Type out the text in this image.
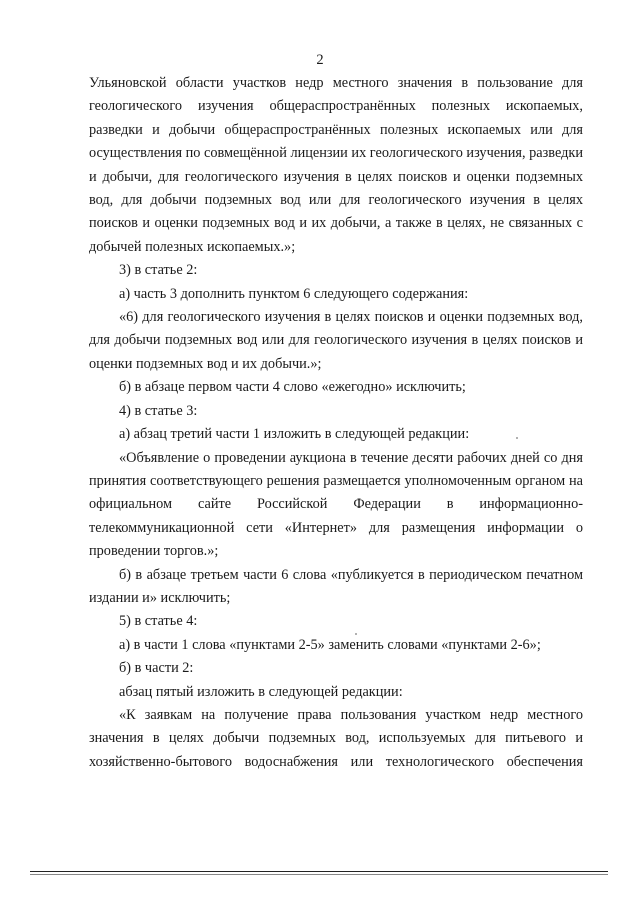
2

Ульяновской области участков недр местного значения в пользование для геологического изучения общераспространённых полезных ископаемых, разведки и добычи общераспространённых полезных ископаемых или для осуществления по совмещённой лицензии их геологического изучения, разведки и добычи, для геологического изучения в целях поисков и оценки подземных вод, для добычи подземных вод или для геологического изучения в целях поисков и оценки подземных вод и их добычи, а также в целях, не связанных с добычей полезных ископаемых.»;

3) в статье 2:

а) часть 3 дополнить пунктом 6 следующего содержания:

«6) для геологического изучения в целях поисков и оценки подземных вод, для добычи подземных вод или для геологического изучения в целях поисков и оценки подземных вод и их добычи.»;

б) в абзаце первом части 4 слово «ежегодно» исключить;

4) в статье 3:

а) абзац третий части 1 изложить в следующей редакции:

«Объявление о проведении аукциона в течение десяти рабочих дней со дня принятия соответствующего решения размещается уполномоченным органом на официальном сайте Российской Федерации в информационно-телекоммуникационной сети «Интернет» для размещения информации о проведении торгов.»;

б) в абзаце третьем части 6 слова «публикуется в периодическом печатном издании и» исключить;

5) в статье 4:

а) в части 1 слова «пунктами 2-5» заменить словами «пунктами 2-6»;

б) в части 2:

абзац пятый изложить в следующей редакции:

«К заявкам на получение права пользования участком недр местного значения в целях добычи подземных вод, используемых для питьевого и хозяйственно-бытового водоснабжения или технологического обеспечения
